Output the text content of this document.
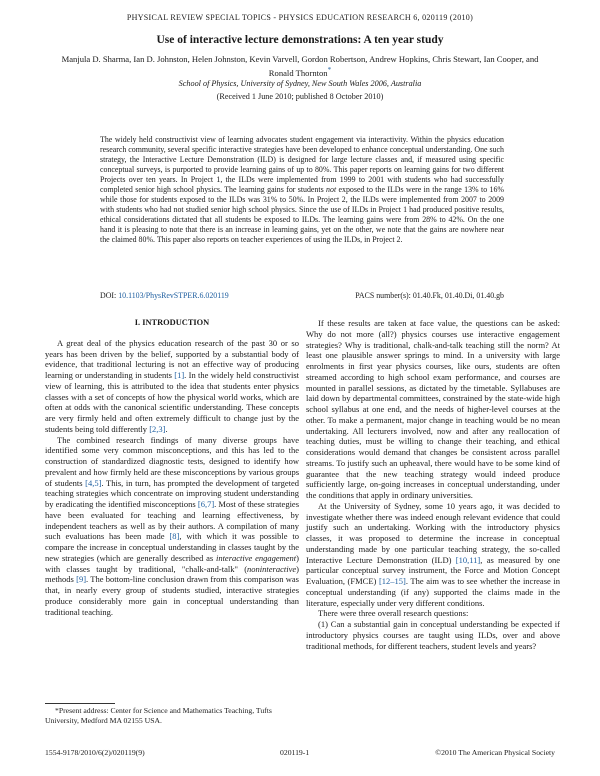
PHYSICAL REVIEW SPECIAL TOPICS - PHYSICS EDUCATION RESEARCH 6, 020119 (2010)
Use of interactive lecture demonstrations: A ten year study
Manjula D. Sharma, Ian D. Johnston, Helen Johnston, Kevin Varvell, Gordon Robertson, Andrew Hopkins, Chris Stewart, Ian Cooper, and Ronald Thornton*
School of Physics, University of Sydney, New South Wales 2006, Australia
(Received 1 June 2010; published 8 October 2010)
The widely held constructivist view of learning advocates student engagement via interactivity. Within the physics education research community, several specific interactive strategies have been developed to enhance conceptual understanding. One such strategy, the Interactive Lecture Demonstration (ILD) is designed for large lecture classes and, if measured using specific conceptual surveys, is purported to provide learning gains of up to 80%. This paper reports on learning gains for two different Projects over ten years. In Project 1, the ILDs were implemented from 1999 to 2001 with students who had successfully completed senior high school physics. The learning gains for students not exposed to the ILDs were in the range 13% to 16% while those for students exposed to the ILDs was 31% to 50%. In Project 2, the ILDs were implemented from 2007 to 2009 with students who had not studied senior high school physics. Since the use of ILDs in Project 1 had produced positive results, ethical considerations dictated that all students be exposed to ILDs. The learning gains were from 28% to 42%. On the one hand it is pleasing to note that there is an increase in learning gains, yet on the other, we note that the gains are nowhere near the claimed 80%. This paper also reports on teacher experiences of using the ILDs, in Project 2.
DOI: 10.1103/PhysRevSTPER.6.020119	PACS number(s): 01.40.Fk, 01.40.Di, 01.40.gb
I. INTRODUCTION

A great deal of the physics education research of the past 30 or so years has been driven by the belief, supported by a substantial body of evidence, that traditional lecturing is not an effective way of producing learning or understanding in students [1]. In the widely held constructivist view of learning, this is attributed to the idea that students enter physics classes with a set of concepts of how the physical world works, which are often at odds with the canonical scientific understanding. These concepts are very firmly held and often extremely difficult to change just by the students being told differently [2,3].

The combined research findings of many diverse groups have identified some very common misconceptions, and this has led to the construction of standardized diagnostic tests, designed to identify how prevalent and how firmly held are these misconceptions by various groups of students [4,5]. This, in turn, has prompted the development of targeted teaching strategies which concentrate on improving student understanding by eradicating the identified misconceptions [6,7]. Most of these strategies have been evaluated for teaching and learning effectiveness, by independent teachers as well as by their authors. A compilation of many such evaluations has been made [8], with which it was possible to compare the increase in conceptual understanding in classes taught by the new strategies (which are generally described as interactive engagement) with classes taught by traditional, "chalk-and-talk" (noninteractive) methods [9]. The bottom-line conclusion drawn from this comparison was that, in nearly every group of students studied, interactive strategies produce considerably more gain in conceptual understanding than traditional teaching.

If these results are taken at face value, the questions can be asked: Why do not more (all?) physics courses use interactive engagement strategies? Why is traditional, chalk-and-talk teaching still the norm? At least one plausible answer springs to mind. In a university with large enrolments in first year physics courses, like ours, students are often streamed according to high school exam performance, and courses are mounted in parallel sessions, as dictated by the timetable. Syllabuses are laid down by departmental committees, constrained by the state-wide high school syllabus at one end, and the needs of higher-level courses at the other. To make a permanent, major change in teaching would be no mean undertaking. All lecturers involved, now and after any reallocation of teaching duties, must be willing to change their teaching, and ethical considerations would demand that changes be consistent across parallel streams. To justify such an upheaval, there would have to be some kind of guarantee that the new teaching strategy would indeed produce sufficiently large, on-going increases in conceptual understanding, under the conditions that apply in ordinary universities.

At the University of Sydney, some 10 years ago, it was decided to investigate whether there was indeed enough relevant evidence that could justify such an undertaking. Working with the introductory physics classes, it was proposed to determine the increase in conceptual understanding made by one particular teaching strategy, the so-called Interactive Lecture Demonstration (ILD) [10,11], as measured by one particular conceptual survey instrument, the Force and Motion Concept Evaluation, (FMCE) [12–15]. The aim was to see whether the increase in conceptual understanding (if any) supported the claims made in the literature, especially under very different conditions.

There were three overall research questions:

(1) Can a substantial gain in conceptual understanding be expected if introductory physics courses are taught using ILDs, over and above traditional methods, for different teachers, student levels and years?

*Present address: Center for Science and Mathematics Teaching, Tufts University, Medford MA 02155 USA.

1554-9178/2010/6(2)/020119(9)	020119-1	©2010 The American Physical Society
